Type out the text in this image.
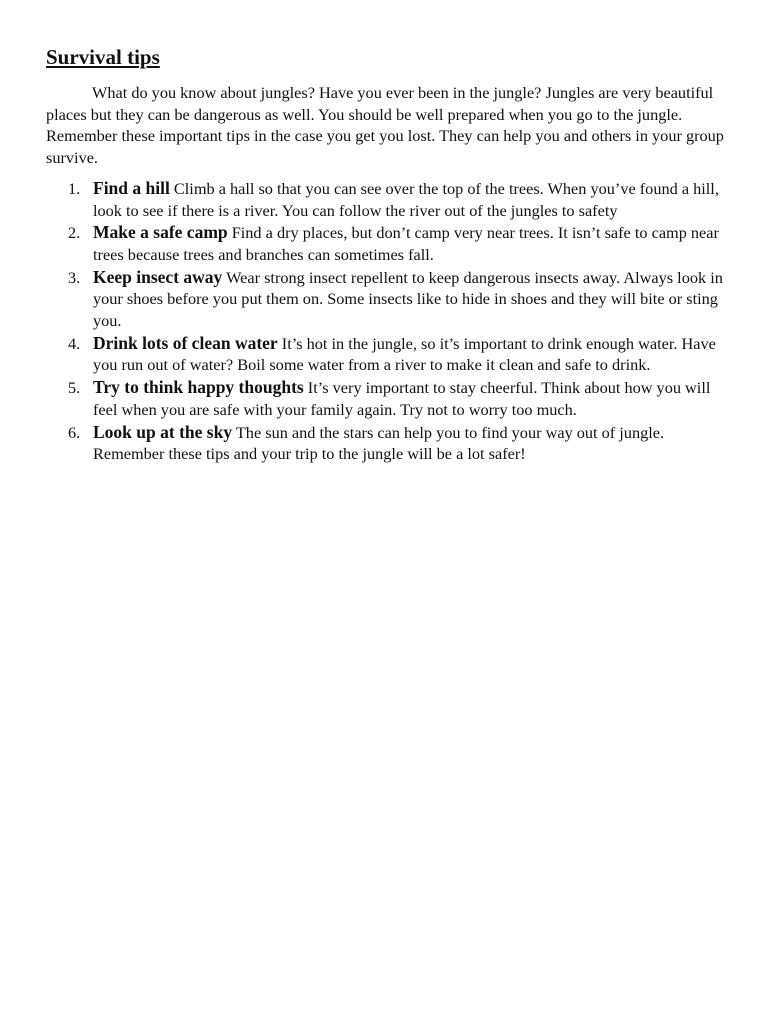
Survival tips

What do you know about jungles? Have you ever been in the jungle? Jungles are very beautiful places but they can be dangerous as well. You should be well prepared when you go to the jungle. Remember these important tips in the case you get you lost. They can help you and others in your group survive.

1. Find a hill Climb a hall so that you can see over the top of the trees. When you’ve found a hill, look to see if there is a river. You can follow the river out of the jungles to safety
2. Make a safe camp Find a dry places, but don’t camp very near trees. It isn’t safe to camp near trees because trees and branches can sometimes fall.
3. Keep insect away Wear strong insect repellent to keep dangerous insects away. Always look in your shoes before you put them on. Some insects like to hide in shoes and they will bite or sting you.
4. Drink lots of clean water It’s hot in the jungle, so it’s important to drink enough water. Have you run out of water? Boil some water from a river to make it clean and safe to drink.
5. Try to think happy thoughts It’s very important to stay cheerful. Think about how you will feel when you are safe with your family again. Try not to worry too much.
6. Look up at the sky The sun and the stars can help you to find your way out of jungle. Remember these tips and your trip to the jungle will be a lot safer!
